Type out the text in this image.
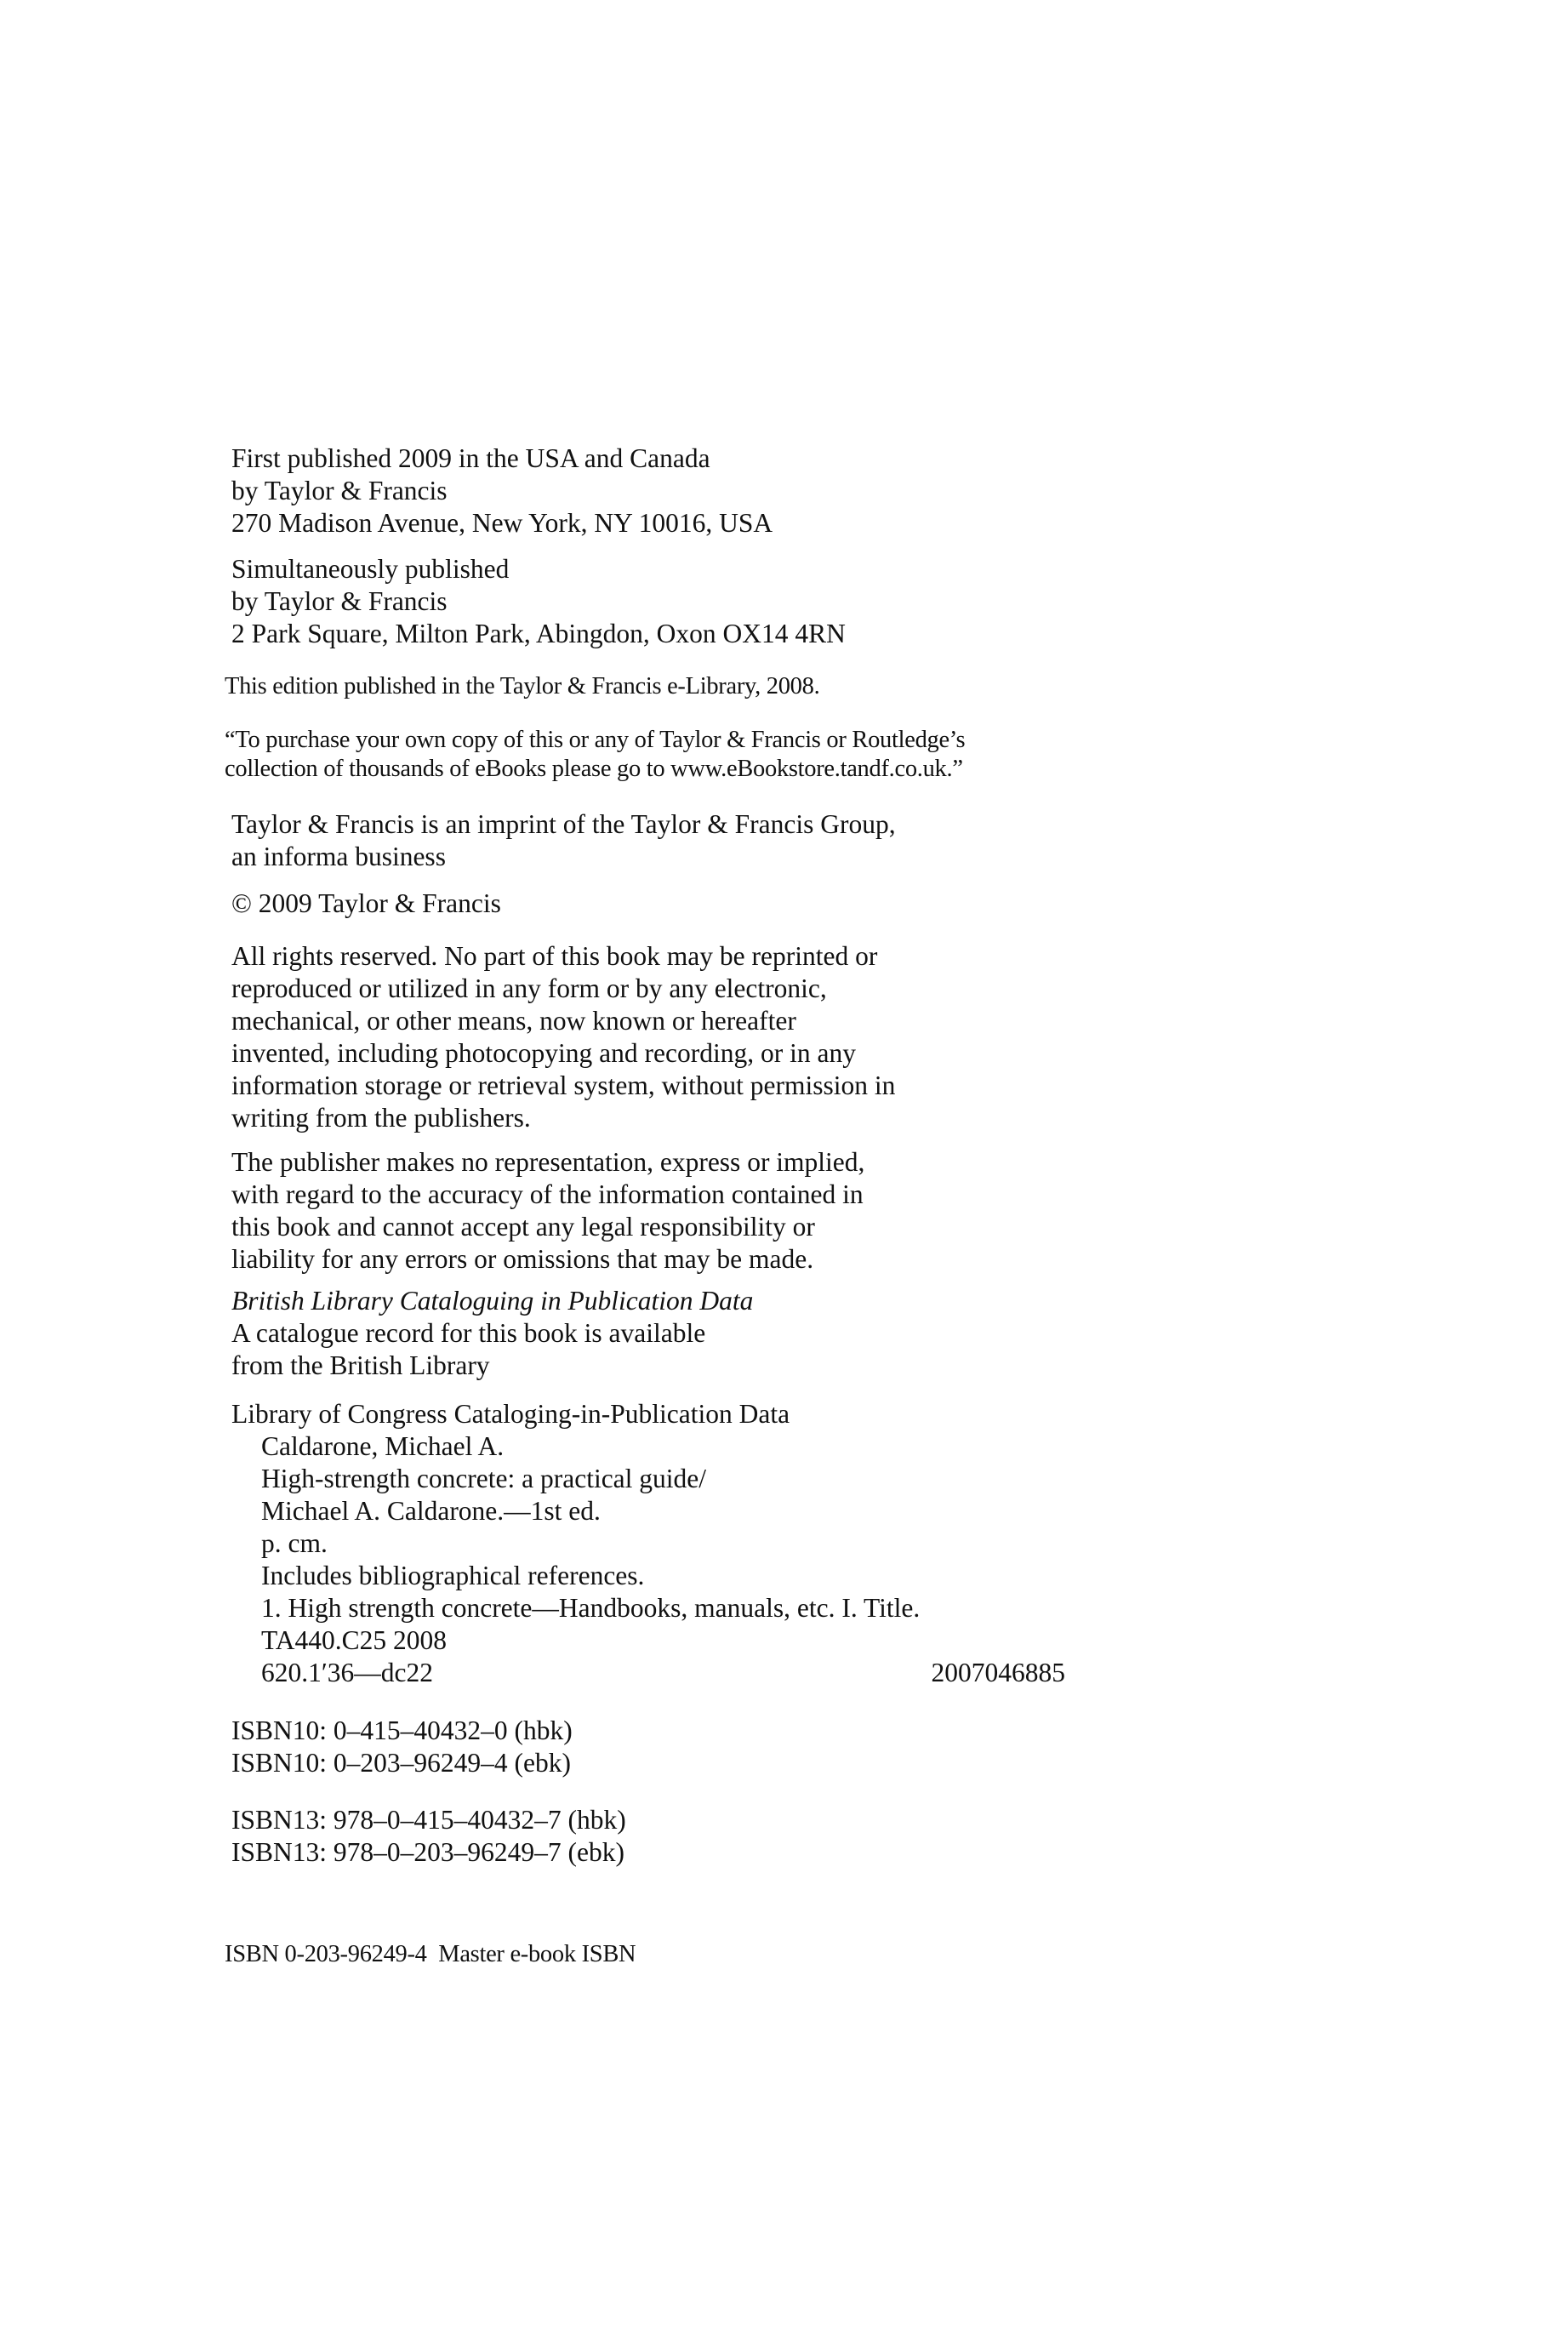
First published 2009 in the USA and Canada
by Taylor & Francis
270 Madison Avenue, New York, NY 10016, USA
Simultaneously published
by Taylor & Francis
2 Park Square, Milton Park, Abingdon, Oxon OX14 4RN
This edition published in the Taylor & Francis e-Library, 2008.
“To purchase your own copy of this or any of Taylor & Francis or Routledge’s
collection of thousands of eBooks please go to www.eBookstore.tandf.co.uk.”
Taylor & Francis is an imprint of the Taylor & Francis Group,
an informa business
© 2009 Taylor & Francis
All rights reserved. No part of this book may be reprinted or
reproduced or utilized in any form or by any electronic,
mechanical, or other means, now known or hereafter
invented, including photocopying and recording, or in any
information storage or retrieval system, without permission in
writing from the publishers.
The publisher makes no representation, express or implied,
with regard to the accuracy of the information contained in
this book and cannot accept any legal responsibility or
liability for any errors or omissions that may be made.
British Library Cataloguing in Publication Data
A catalogue record for this book is available
from the British Library
Library of Congress Cataloging-in-Publication Data
Caldarone, Michael A.
High-strength concrete: a practical guide/
Michael A. Caldarone.—1st ed.
p. cm.
Includes bibliographical references.
1. High strength concrete—Handbooks, manuals, etc. I. Title.
TA440.C25 2008
620.1′36—dc22	2007046885
ISBN10: 0–415–40432–0 (hbk)
ISBN10: 0–203–96249–4 (ebk)
ISBN13: 978–0–415–40432–7 (hbk)
ISBN13: 978–0–203–96249–7 (ebk)
ISBN 0-203-96249-4  Master e-book ISBN
